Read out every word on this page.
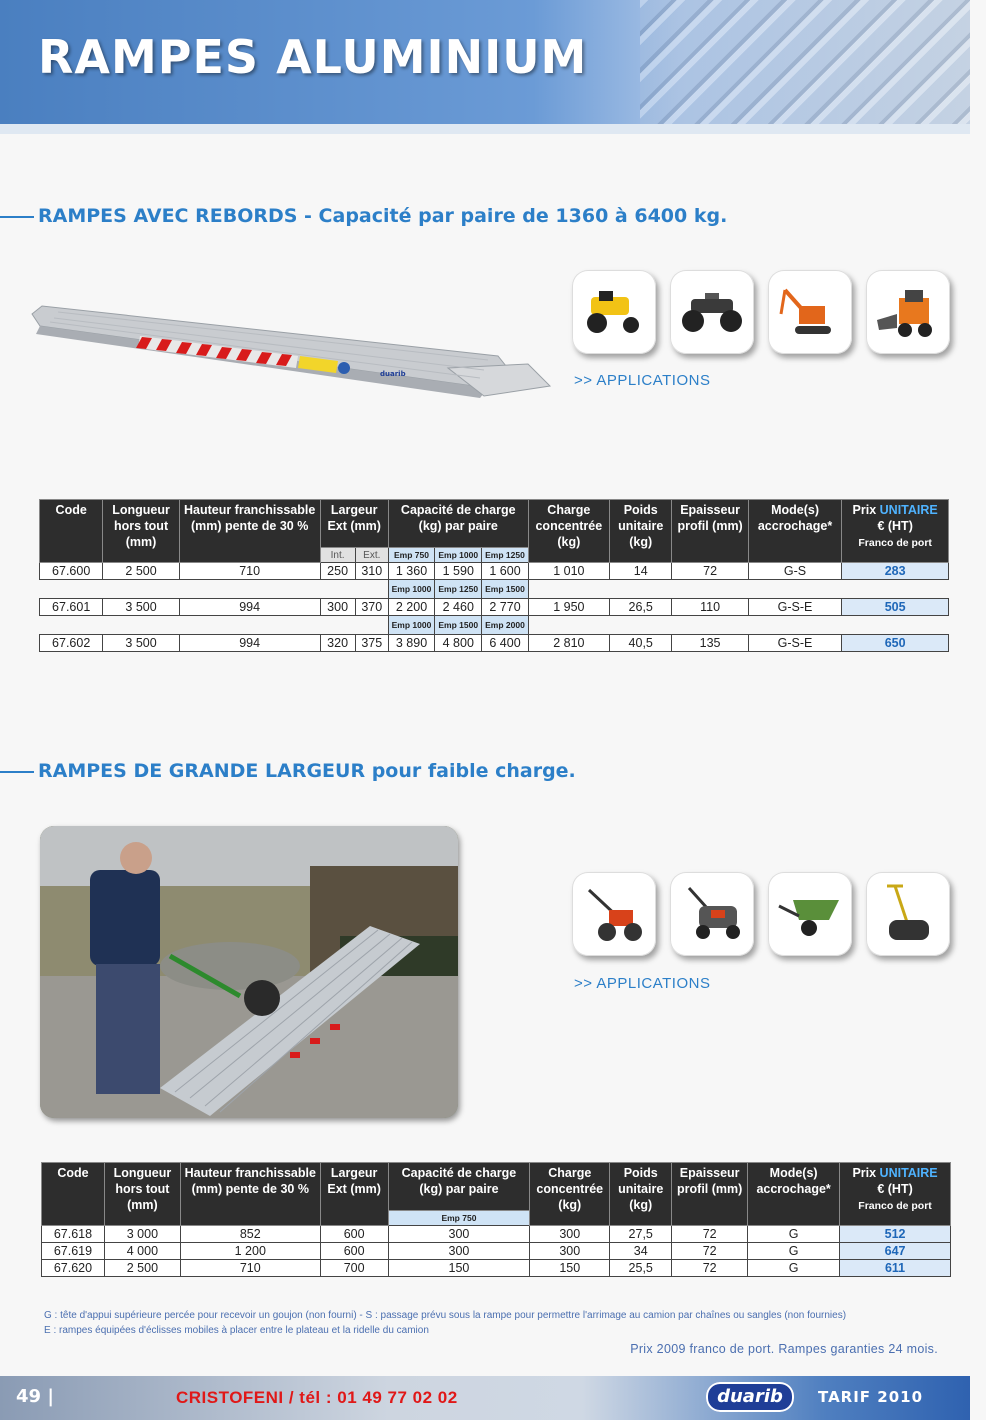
RAMPES ALUMINIUM
RAMPES AVEC REBORDS - Capacité par paire de 1360 à 6400 kg.
duarib	>> APPLICATIONS
Code	Longueur hors tout (mm)	Hauteur franchissable (mm) pente de 30 %	Largeur Ext (mm)		Capacité de charge (kg) par paire			Charge concentrée (kg)	Poids unitaire (kg)	Epaisseur profil (mm)	Mode(s) accrochage*	Prix UNITAIRE
€ (HT)
Franco de port
			Int.	Ext.	Emp 750	Emp 1000	Emp 1250					
67.600	2 500	710	250	310	1 360	1 590	1 600	1 010	14	72	G-S	283
					Emp 1000	Emp 1250	Emp 1500					
67.601	3 500	994	300	370	2 200	2 460	2 770	1 950	26,5	110	G-S-E	505
					Emp 1000	Emp 1500	Emp 2000					
67.602	3 500	994	320	375	3 890	4 800	6 400	2 810	40,5	135	G-S-E	650
RAMPES DE GRANDE LARGEUR pour faible charge.
>> APPLICATIONS
Code	Longueur hors tout (mm)	Hauteur franchissable (mm) pente de 30 %	Largeur Ext (mm)	Capacité de charge (kg) par paire	Charge concentrée (kg)	Poids unitaire (kg)	Epaisseur profil (mm)	Mode(s) accrochage*	Prix UNITAIRE
€ (HT)
Franco de port
				Emp 750					
67.618	3 000	852	600	300	300	27,5	72	G	512
67.619	4 000	1 200	600	300	300	34	72	G	647
67.620	2 500	710	700	150	150	25,5	72	G	611
G : tête d'appui supérieure percée pour recevoir un goujon (non fourni) - S : passage prévu sous la rampe pour permettre l'arrimage au camion par chaînes ou sangles (non fournies)
E : rampes équipées d'éclisses mobiles à placer entre le plateau et la ridelle du camion
Prix 2009 franco de port. Rampes garanties 24 mois.
49 |	CRISTOFENI / tél : 01 49 77 02 02	duarib	TARIF 2010
